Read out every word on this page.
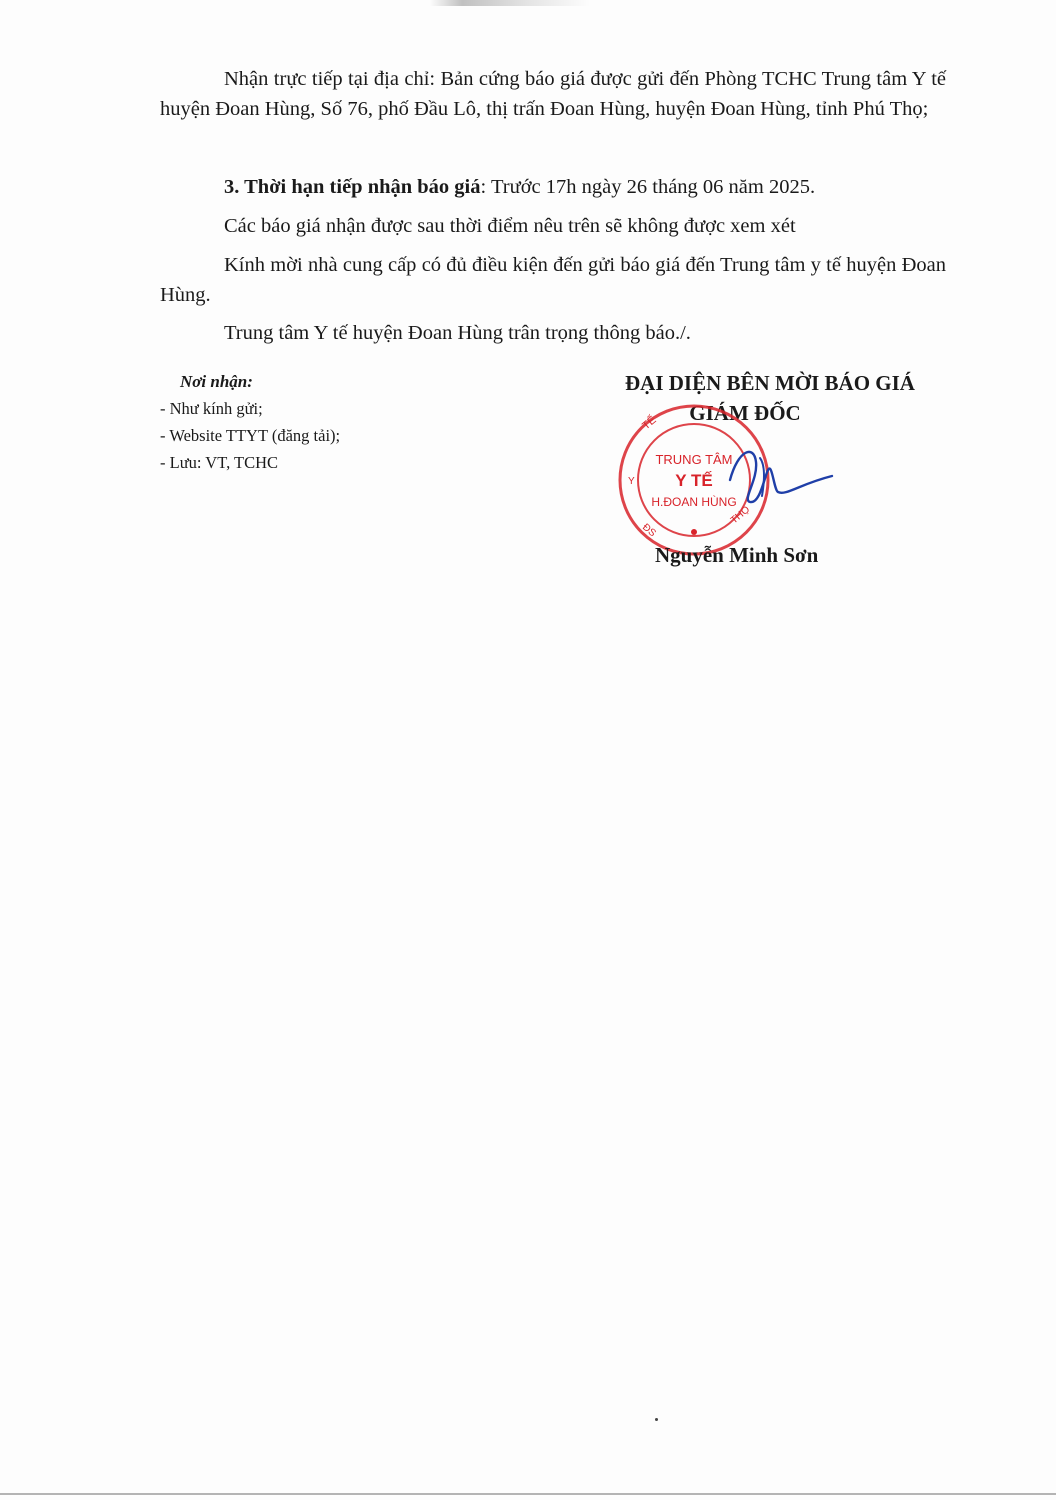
Nhận trực tiếp tại địa chỉ: Bản cứng báo giá được gửi đến Phòng TCHC Trung tâm Y tế huyện Đoan Hùng, Số 76, phố Đầu Lô, thị trấn Đoan Hùng, huyện Đoan Hùng, tỉnh Phú Thọ;

3. Thời hạn tiếp nhận báo giá: Trước 17h ngày 26 tháng 06 năm 2025.

Các báo giá nhận được sau thời điểm nêu trên sẽ không được xem xét

Kính mời nhà cung cấp có đủ điều kiện đến gửi báo giá đến Trung tâm y tế huyện Đoan Hùng.

Trung tâm Y tế huyện Đoan Hùng trân trọng thông báo./.

Nơi nhận:
- Như kính gửi;
- Website TTYT (đăng tải);
- Lưu: VT, TCHC
ĐẠI DIỆN BÊN MỜI BÁO GIÁ
GIÁM ĐỐC
TẾ
Y
ĐS
THỌ
TRUNG TÂM
Y TẾ
H.ĐOAN HÙNG
Nguyễn Minh Sơn
